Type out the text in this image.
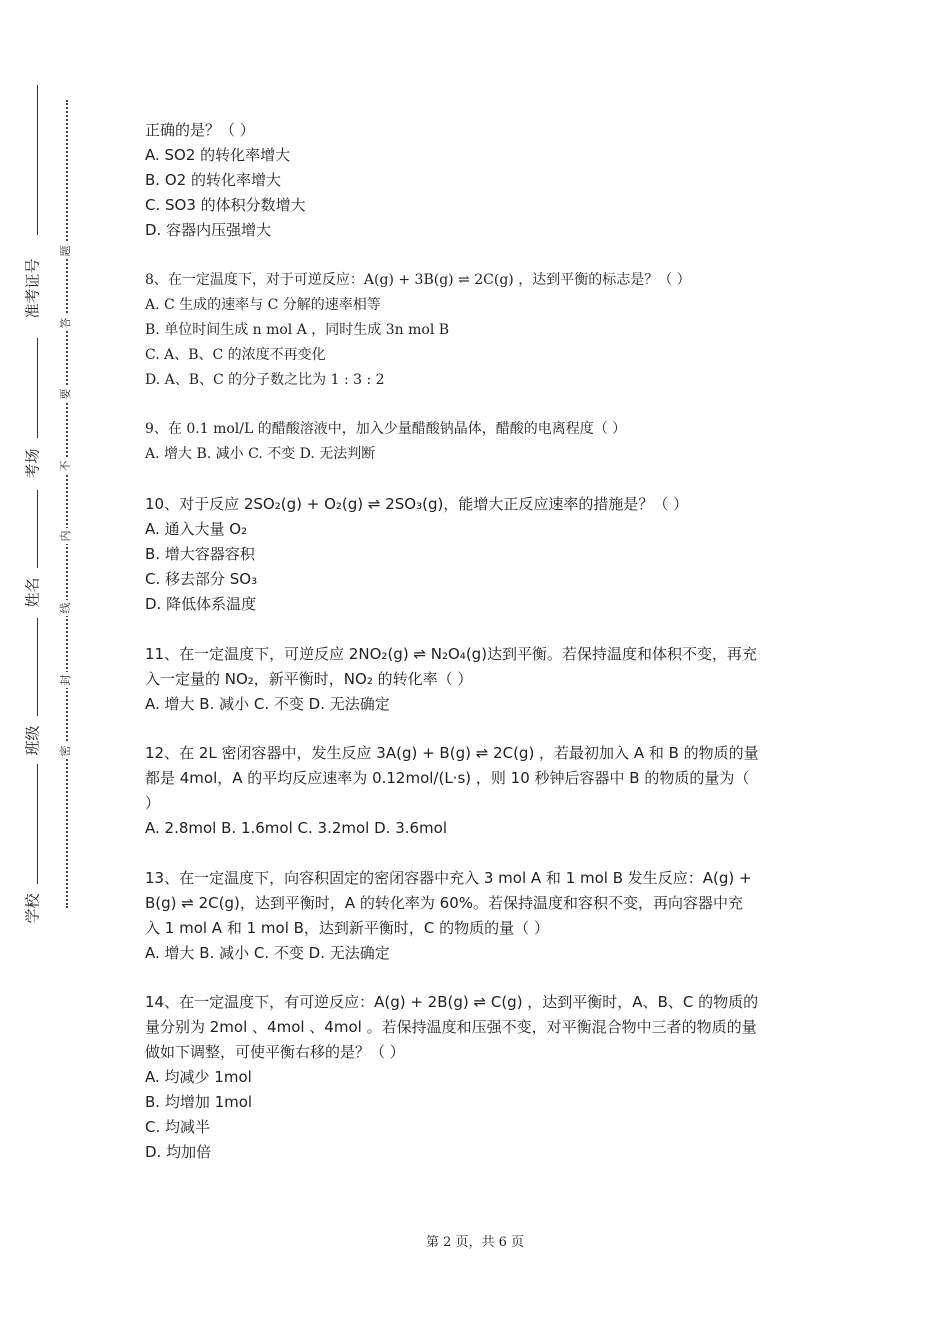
准考证号
考场
姓名
班级
学校
题
答
要
不
内
线
封
密
正确的是？（ ）
A. SO2 的转化率增大
B. O2 的转化率增大
C. SO3 的体积分数增大
D. 容器内压强增大
8、在一定温度下，对于可逆反应：A(g) + 3B(g) ⇌ 2C(g) ，达到平衡的标志是？（ ）
A. C 生成的速率与 C 分解的速率相等
B. 单位时间生成 n mol A ，同时生成 3n mol B
C. A、B、C 的浓度不再变化
D. A、B、C 的分子数之比为 1 : 3 : 2
9、在 0.1 mol/L 的醋酸溶液中，加入少量醋酸钠晶体，醋酸的电离程度（ ）
A. 增大 B. 减小 C. 不变 D. 无法判断
10、对于反应 2SO₂(g) + O₂(g) ⇌ 2SO₃(g)，能增大正反应速率的措施是？（ ）
A. 通入大量 O₂
B. 增大容器容积
C. 移去部分 SO₃
D. 降低体系温度
11、在一定温度下，可逆反应 2NO₂(g) ⇌ N₂O₄(g)达到平衡。若保持温度和体积不变，再充
入一定量的 NO₂，新平衡时，NO₂ 的转化率（ ）
A. 增大 B. 减小 C. 不变 D. 无法确定
12、在 2L 密闭容器中，发生反应 3A(g) + B(g) ⇌ 2C(g) ，若最初加入 A 和 B 的物质的量
都是 4mol，A 的平均反应速率为 0.12mol/(L·s) ，则 10 秒钟后容器中 B 的物质的量为（
）
A. 2.8mol B. 1.6mol C. 3.2mol D. 3.6mol
13、在一定温度下，向容积固定的密闭容器中充入 3 mol A 和 1 mol B 发生反应：A(g) +
B(g) ⇌ 2C(g)，达到平衡时，A 的转化率为 60%。若保持温度和容积不变，再向容器中充
入 1 mol A 和 1 mol B，达到新平衡时，C 的物质的量（ ）
A. 增大 B. 减小 C. 不变 D. 无法确定
14、在一定温度下，有可逆反应：A(g) + 2B(g) ⇌ C(g) ，达到平衡时，A、B、C 的物质的
量分别为 2mol 、4mol 、4mol 。若保持温度和压强不变，对平衡混合物中三者的物质的量
做如下调整，可使平衡右移的是？（ ）
A. 均减少 1mol
B. 均增加 1mol
C. 均减半
D. 均加倍
第 2 页，共 6 页
